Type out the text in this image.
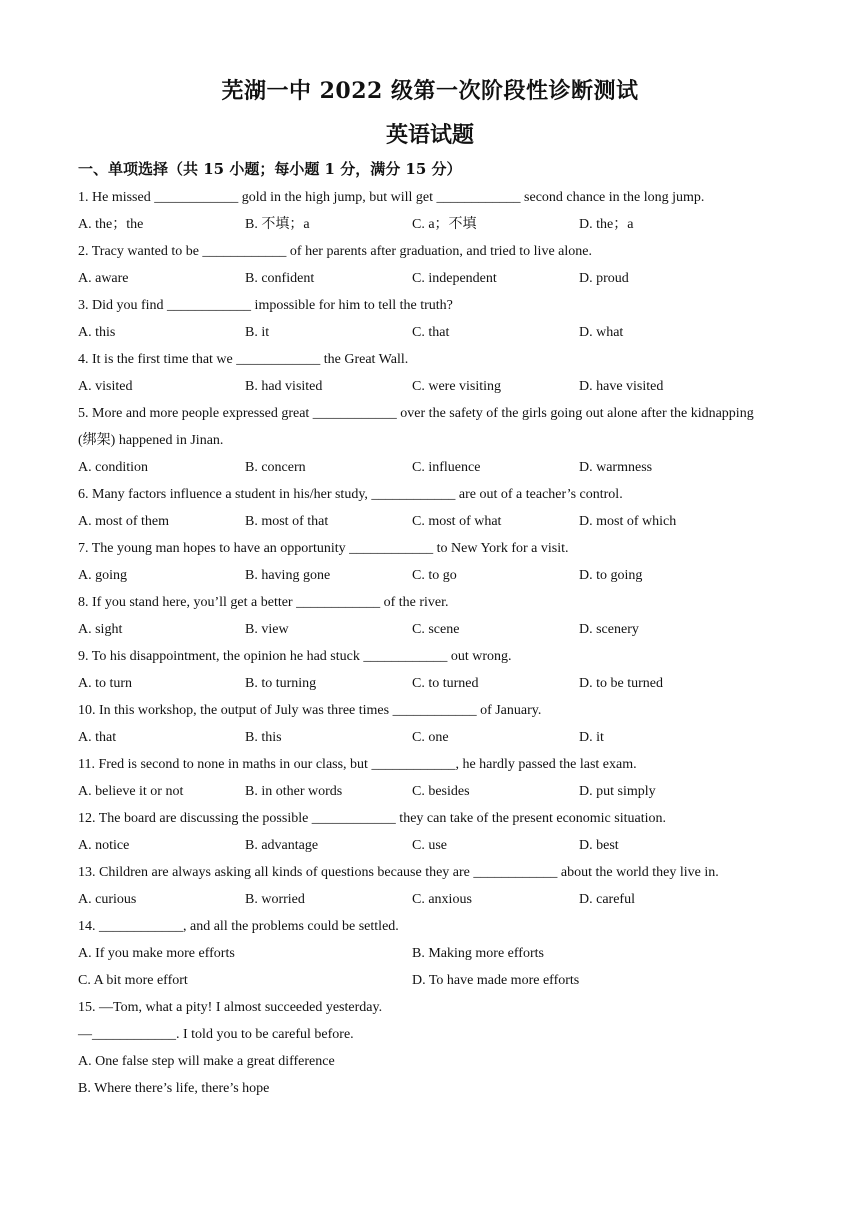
芜湖一中 2022 级第一次阶段性诊断测试
英语试题
一、单项选择（共 15 小题；每小题 1 分，满分 15 分）
1. He missed ____________ gold in the high jump, but will get ____________ second chance in the long jump.
A. the；the	B. 不填；a	C. a；不填	D. the；a
2. Tracy wanted to be ____________ of her parents after graduation, and tried to live alone.
A. aware	B. confident	C. independent	D. proud
3. Did you find ____________ impossible for him to tell the truth?
A. this	B. it	C. that	D. what
4. It is the first time that we ____________ the Great Wall.
A. visited	B. had visited	C. were visiting	D. have visited
5. More and more people expressed great ____________ over the safety of the girls going out alone after the kidnapping (绑架) happened in Jinan.
A. condition	B. concern	C. influence	D. warmness
6. Many factors influence a student in his/her study, ____________ are out of a teacher’s control.
A. most of them	B. most of that	C. most of what	D. most of which
7. The young man hopes to have an opportunity ____________ to New York for a visit.
A. going	B. having gone	C. to go	D. to going
8. If you stand here, you’ll get a better ____________ of the river.
A. sight	B. view	C. scene	D. scenery
9. To his disappointment, the opinion he had stuck ____________ out wrong.
A. to turn	B. to turning	C. to turned	D. to be turned
10. In this workshop, the output of July was three times ____________ of January.
A. that	B. this	C. one	D. it
11. Fred is second to none in maths in our class, but ____________, he hardly passed the last exam.
A. believe it or not	B. in other words	C. besides	D. put simply
12. The board are discussing the possible ____________ they can take of the present economic situation.
A. notice	B. advantage	C. use	D. best
13. Children are always asking all kinds of questions because they are ____________ about the world they live in.
A. curious	B. worried	C. anxious	D. careful
14. ____________, and all the problems could be settled.
A. If you make more efforts	B. Making more efforts
C. A bit more effort	D. To have made more efforts
15. —Tom, what a pity! I almost succeeded yesterday.
—____________. I told you to be careful before.
A. One false step will make a great difference
B. Where there’s life, there’s hope
